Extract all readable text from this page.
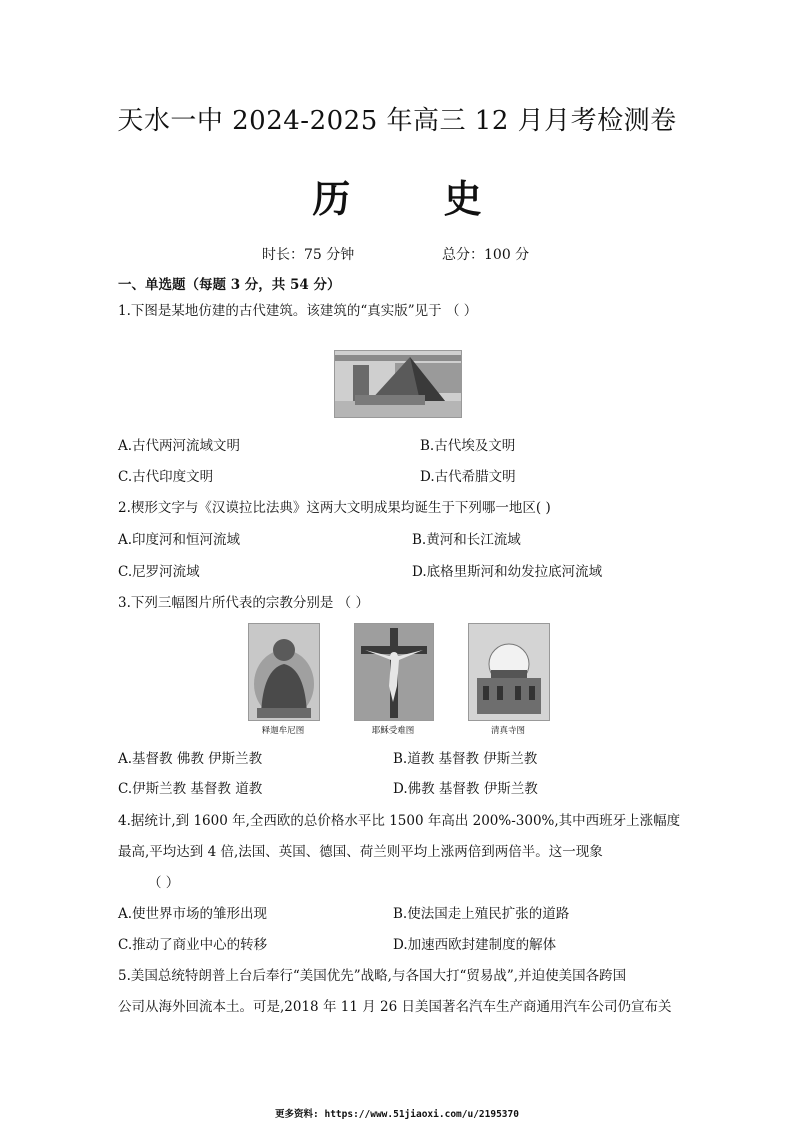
天水一中 2024-2025 年高三 12 月月考检测卷
历 史
时长：75 分钟	总分：100 分
一、单选题（每题 3 分，共 54 分）
1.下图是某地仿建的古代建筑。该建筑的“真实版”见于 （ ）
A.古代两河流域文明	B.古代埃及文明
C.古代印度文明	D.古代希腊文明
2.楔形文字与《汉谟拉比法典》这两大文明成果均诞生于下列哪一地区( )
A.印度河和恒河流域	B.黄河和长江流域
C.尼罗河流域	D.底格里斯河和幼发拉底河流域
3.下列三幅图片所代表的宗教分别是 （ ）
释迦牟尼图	耶稣受难图	清真寺图
A.基督教 佛教 伊斯兰教	B.道教 基督教 伊斯兰教
C.伊斯兰教 基督教 道教	D.佛教 基督教 伊斯兰教
4.据统计,到 1600 年,全西欧的总价格水平比 1500 年高出 200%-300%,其中西班牙上涨幅度
最高,平均达到 4 倍,法国、英国、德国、荷兰则平均上涨两倍到两倍半。这一现象
（ ）
A.使世界市场的雏形出现	B.使法国走上殖民扩张的道路
C.推动了商业中心的转移	D.加速西欧封建制度的解体
5.美国总统特朗普上台后奉行“美国优先”战略,与各国大打“贸易战”,并迫使美国各跨国
公司从海外回流本土。可是,2018 年 11 月 26 日美国著名汽车生产商通用汽车公司仍宣布关
更多资料: https://www.51jiaoxi.com/u/2195370
